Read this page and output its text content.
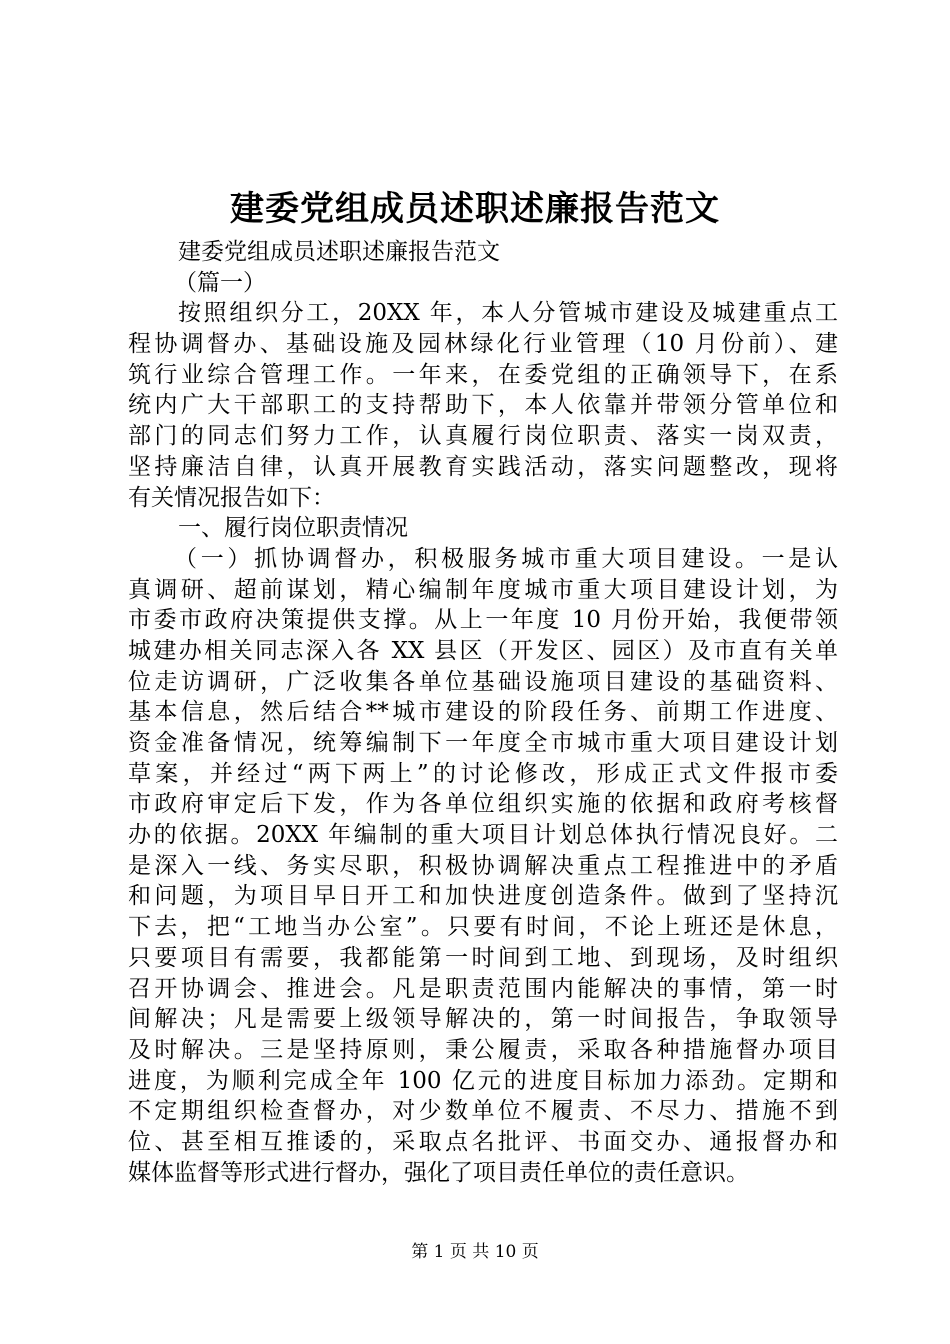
建委党组成员述职述廉报告范文
建委党组成员述职述廉报告范文
（篇一）
按照组织分工，20XX 年，本人分管城市建设及城建重点工
程协调督办、基础设施及园林绿化行业管理（10 月份前）、建
筑行业综合管理工作。一年来，在委党组的正确领导下，在系
统内广大干部职工的支持帮助下，本人依靠并带领分管单位和
部门的同志们努力工作，认真履行岗位职责、落实一岗双责，
坚持廉洁自律，认真开展教育实践活动，落实问题整改，现将
有关情况报告如下：
一、履行岗位职责情况
（一）抓协调督办，积极服务城市重大项目建设。一是认
真调研、超前谋划，精心编制年度城市重大项目建设计划，为
市委市政府决策提供支撑。从上一年度 10 月份开始，我便带领
城建办相关同志深入各 XX 县区（开发区、园区）及市直有关单
位走访调研，广泛收集各单位基础设施项目建设的基础资料、
基本信息，然后结合**城市建设的阶段任务、前期工作进度、
资金准备情况，统筹编制下一年度全市城市重大项目建设计划
草案，并经过“两下两上”的讨论修改，形成正式文件报市委
市政府审定后下发，作为各单位组织实施的依据和政府考核督
办的依据。20XX 年编制的重大项目计划总体执行情况良好。二
是深入一线、务实尽职，积极协调解决重点工程推进中的矛盾
和问题，为项目早日开工和加快进度创造条件。做到了坚持沉
下去，把“工地当办公室”。只要有时间，不论上班还是休息，
只要项目有需要，我都能第一时间到工地、到现场，及时组织
召开协调会、推进会。凡是职责范围内能解决的事情，第一时
间解决；凡是需要上级领导解决的，第一时间报告，争取领导
及时解决。三是坚持原则，秉公履责，采取各种措施督办项目
进度，为顺利完成全年 100 亿元的进度目标加力添劲。定期和
不定期组织检查督办，对少数单位不履责、不尽力、措施不到
位、甚至相互推诿的，采取点名批评、书面交办、通报督办和
媒体监督等形式进行督办，强化了项目责任单位的责任意识。
第 1 页 共 10 页
